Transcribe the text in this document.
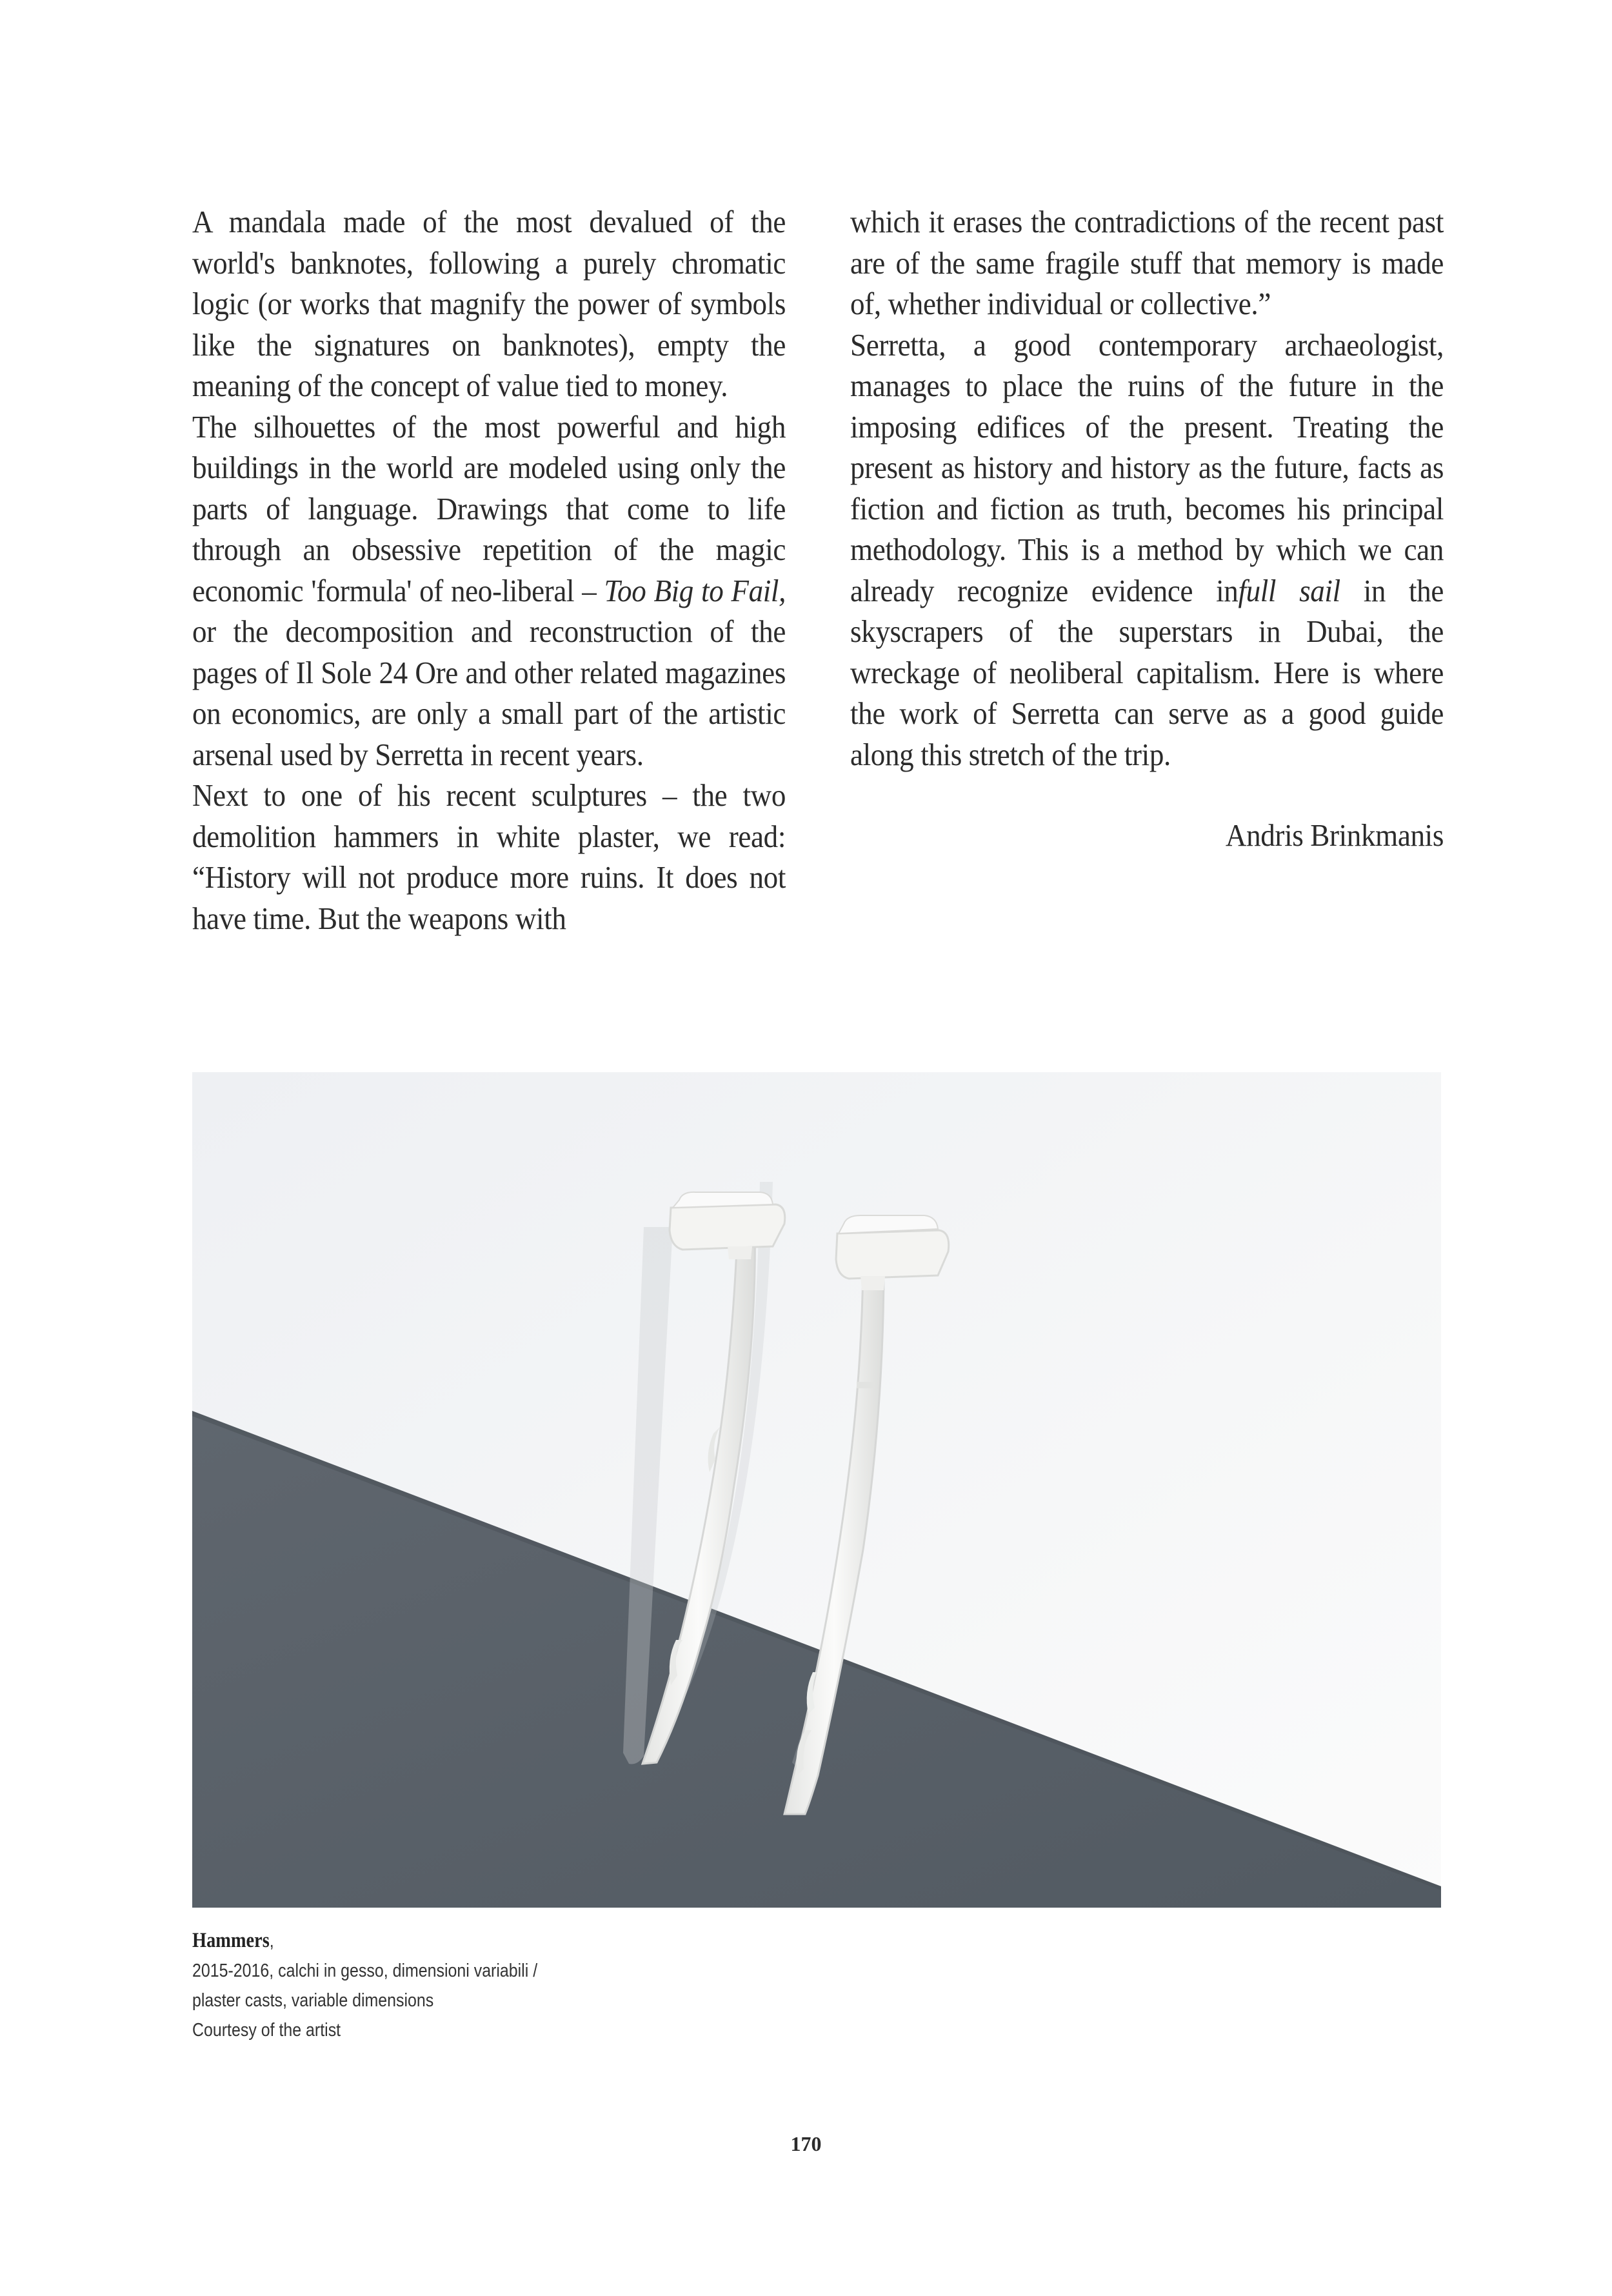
A mandala made of the most devalued of the world's banknotes, following a purely chromatic logic (or works that magnify the power of symbols like the signatures on banknotes), empty the meaning of the concept of value tied to money.

The silhouettes of the most powerful and high buildings in the world are modeled using only the parts of language. Drawings that come to life through an obsessive repetition of the magic economic 'formula' of neo-liberal – Too Big to Fail, or the decomposition and reconstruction of the pages of Il Sole 24 Ore and other related magazines on economics, are only a small part of the artistic arsenal used by Serretta in recent years.

Next to one of his recent sculptures – the two demolition hammers in white plaster, we read: “History will not produce more ruins. It does not have time. But the weapons with

which it erases the contradictions of the recent past are of the same fragile stuff that memory is made of, whether individual or collective.”

Serretta, a good contemporary archaeologist, manages to place the ruins of the future in the imposing edifices of the present. Treating the present as history and history as the future, facts as fiction and fiction as truth, becomes his principal methodology. This is a method by which we can already recognize evidence infull sail in the skyscrapers of the superstars in Dubai, the wreckage of neoliberal capitalism. Here is where the work of Serretta can serve as a good guide along this stretch of the trip.

Andris Brinkmanis

Hammers,
2015-2016, calchi in gesso, dimensioni variabili /
plaster casts, variable dimensions
Courtesy of the artist
170
